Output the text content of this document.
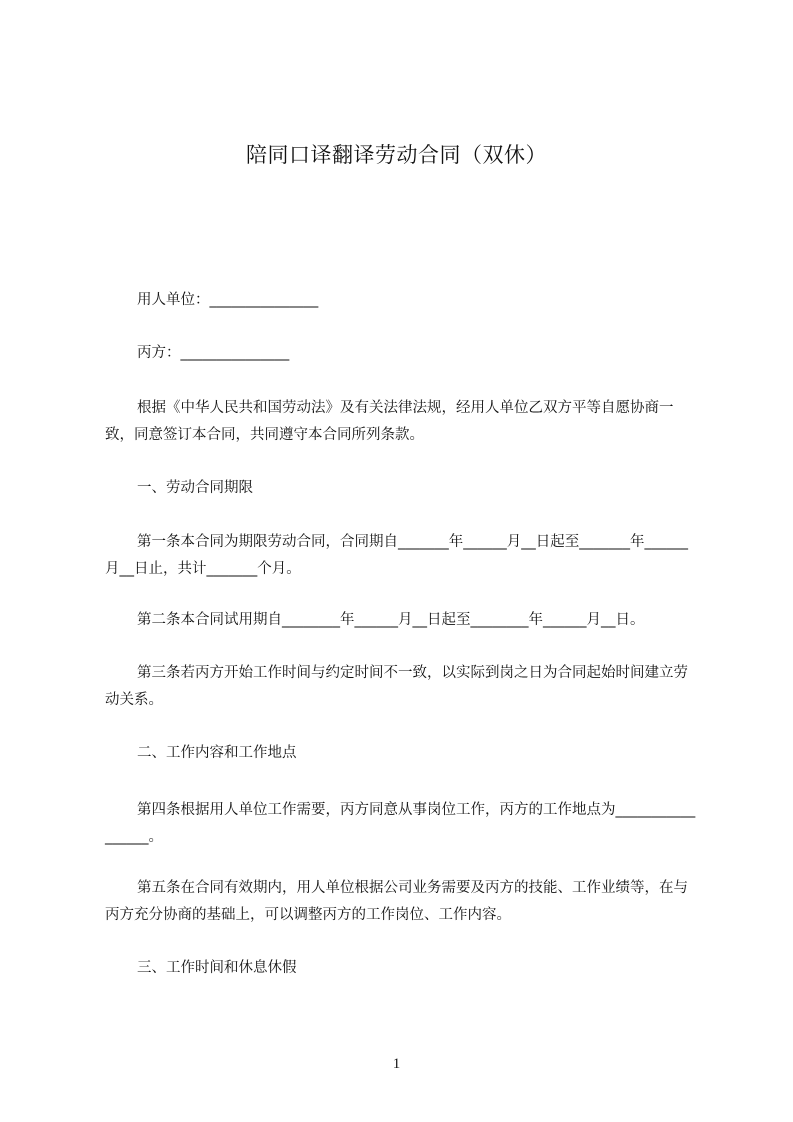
陪同口译翻译劳动合同（双休）

用人单位：_______________

丙方：_______________

根据《中华人民共和国劳动法》及有关法律法规，经用人单位乙双方平等自愿协商一致，同意签订本合同，共同遵守本合同所列条款。

一、劳动合同期限

第一条本合同为期限劳动合同，合同期自_______年______月__日起至_______年______月__日止，共计_______个月。

第二条本合同试用期自________年______月__日起至________年______月__日。

第三条若丙方开始工作时间与约定时间不一致，以实际到岗之日为合同起始时间建立劳动关系。

二、工作内容和工作地点

第四条根据用人单位工作需要，丙方同意从事岗位工作，丙方的工作地点为_________________。

第五条在合同有效期内，用人单位根据公司业务需要及丙方的技能、工作业绩等，在与丙方充分协商的基础上，可以调整丙方的工作岗位、工作内容。

三、工作时间和休息休假

1
